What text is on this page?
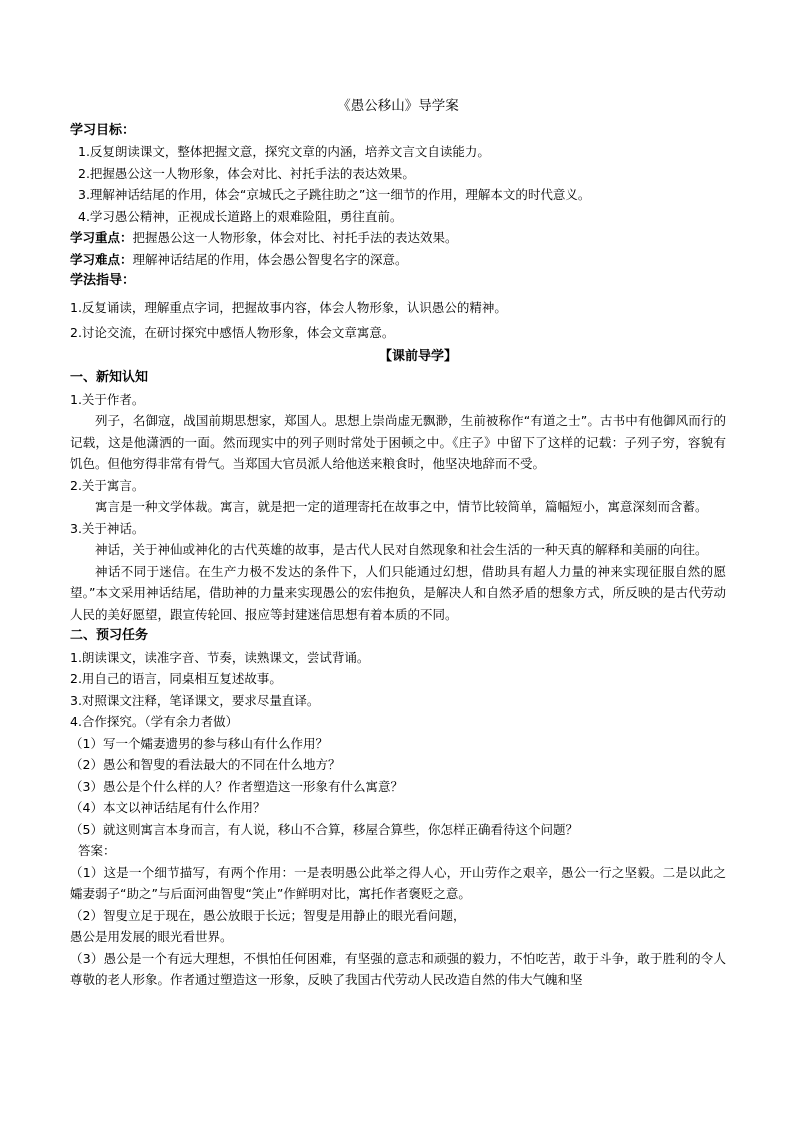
《愚公移山》导学案
学习目标：
1.反复朗读课文，整体把握文意，探究文章的内涵，培养文言文自读能力。
2.把握愚公这一人物形象，体会对比、衬托手法的表达效果。
3.理解神话结尾的作用，体会“京城氏之子跳往助之”这一细节的作用，理解本文的时代意义。
4.学习愚公精神，正视成长道路上的艰难险阻，勇往直前。
学习重点：把握愚公这一人物形象，体会对比、衬托手法的表达效果。
学习难点：理解神话结尾的作用，体会愚公智叟名字的深意。
学法指导：
1.反复诵读，理解重点字词，把握故事内容，体会人物形象，认识愚公的精神。
2.讨论交流，在研讨探究中感悟人物形象，体会文章寓意。
【课前导学】
一、新知认知
1.关于作者。
列子，名御寇，战国前期思想家，郑国人。思想上崇尚虚无飘渺，生前被称作“有道之士”。古书中有他御风而行的记载，这是他潇洒的一面。然而现实中的列子则时常处于困顿之中。《庄子》中留下了这样的记载：子列子穷，容貌有饥色。但他穷得非常有骨气。当郑国大官员派人给他送来粮食时，他坚决地辞而不受。
2.关于寓言。
寓言是一种文学体裁。寓言，就是把一定的道理寄托在故事之中，情节比较简单，篇幅短小，寓意深刻而含蓄。
3.关于神话。
神话，关于神仙或神化的古代英雄的故事，是古代人民对自然现象和社会生活的一种天真的解释和美丽的向往。
神话不同于迷信。在生产力极不发达的条件下，人们只能通过幻想，借助具有超人力量的神来实现征服自然的愿望。”本文采用神话结尾，借助神的力量来实现愚公的宏伟抱负，是解决人和自然矛盾的想象方式，所反映的是古代劳动人民的美好愿望，跟宣传轮回、报应等封建迷信思想有着本质的不同。
二、预习任务
1.朗读课文，读准字音、节奏，读熟课文，尝试背诵。
2.用自己的语言，同桌相互复述故事。
3.对照课文注释，笔译课文，要求尽量直译。
4.合作探究。（学有余力者做）
（1）写一个孀妻遗男的参与移山有什么作用？
（2）愚公和智叟的看法最大的不同在什么地方？
（3）愚公是个什么样的人？作者塑造这一形象有什么寓意？
（4）本文以神话结尾有什么作用？
（5）就这则寓言本身而言，有人说，移山不合算，移屋合算些，你怎样正确看待这个问题？
答案：
（1）这是一个细节描写，有两个作用：一是表明愚公此举之得人心，开山劳作之艰辛，愚公一行之坚毅。二是以此之孀妻弱子“助之”与后面河曲智叟“笑止”作鲜明对比，寓托作者褒贬之意。
（2）智叟立足于现在，愚公放眼于长远；智叟是用静止的眼光看问题，
愚公是用发展的眼光看世界。
（3）愚公是一个有远大理想，不惧怕任何困难，有坚强的意志和顽强的毅力，不怕吃苦，敢于斗争，敢于胜利的令人尊敬的老人形象。作者通过塑造这一形象，反映了我国古代劳动人民改造自然的伟大气魄和坚
